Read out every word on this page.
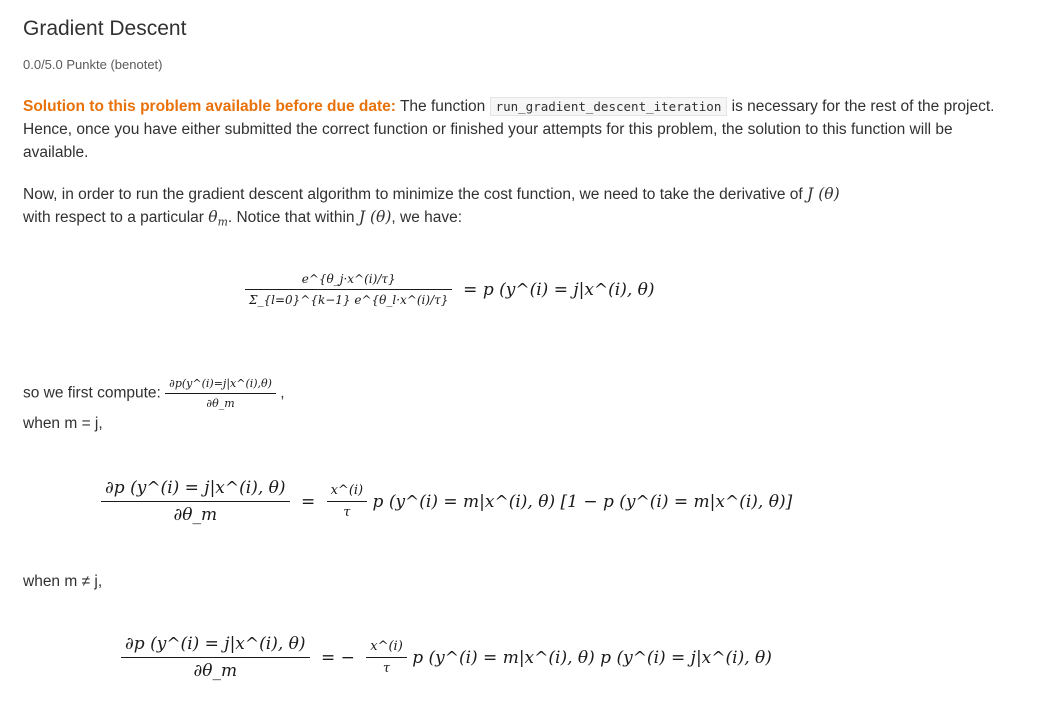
Gradient Descent
0.0/5.0 Punkte (benotet)
Solution to this problem available before due date: The function run_gradient_descent_iteration is necessary for the rest of the project. Hence, once you have either submitted the correct function or finished your attempts for this problem, the solution to this function will be available.
Now, in order to run the gradient descent algorithm to minimize the cost function, we need to take the derivative of J (θ)
with respect to a particular $\theta_m$. Notice that within J (θ), we have:
$\frac{e\^{}\{\theta\_j\cdot x\^{}(i)/\tau\}}{\Sigma\_\{l=0\}\^{}\{k-1\} e\^{}\{\theta\_l\cdot x\^{}(i)/\tau\}} = p$ (y^(i) = j|x^(i), θ)
so we first compute: $\frac{\partial p(y\^{}(i)=j|x\^{}(i),\theta)}{\partial\theta\_m}$ ,
when m = j,
$\frac{\partial p (y\^{}(i) = j|x\^{}(i), \theta)}{\partial\theta\_m} = \frac{x\^{}(i)}{\tau}$ p (y^(i) = m|x^(i), θ) [1 − p (y^(i) = m|x^(i), θ)]
when m ≠ j,
$\frac{\partial p (y\^{}(i) = j|x\^{}(i), \theta)}{\partial\theta\_m}$ = − $\frac{x\^{}(i)}{\tau}$ p (y^(i) = m|x^(i), θ) p (y^(i) = j|x^(i), θ)
